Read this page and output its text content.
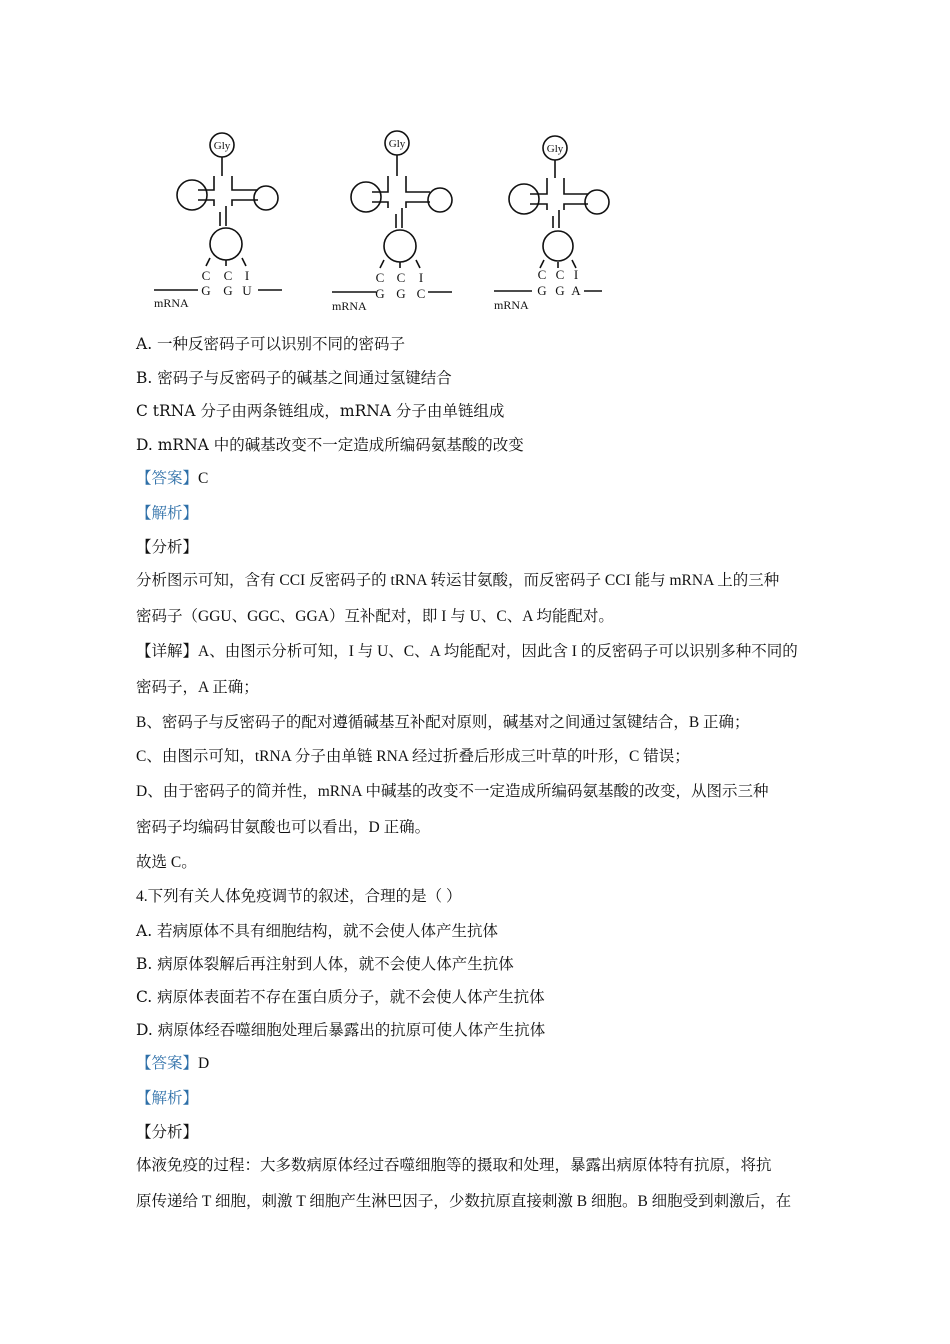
Gly
C C I
G G U
mRNA
Gly
C C I
G G C
mRNA
Gly
C C I
G G A
mRNA
A. 一种反密码子可以识别不同的密码子
B. 密码子与反密码子的碱基之间通过氢键结合
C tRNA 分子由两条链组成，mRNA 分子由单链组成
D. mRNA 中的碱基改变不一定造成所编码氨基酸的改变
【答案】C
【解析】
【分析】
分析图示可知，含有 CCI 反密码子的 tRNA 转运甘氨酸，而反密码子 CCI 能与 mRNA 上的三种
密码子（GGU、GGC、GGA）互补配对，即 I 与 U、C、A 均能配对。
【详解】A、由图示分析可知，I 与 U、C、A 均能配对，因此含 I 的反密码子可以识别多种不同的
密码子，A 正确；
B、密码子与反密码子的配对遵循碱基互补配对原则，碱基对之间通过氢键结合，B 正确；
C、由图示可知，tRNA 分子由单链 RNA 经过折叠后形成三叶草的叶形，C 错误；
D、由于密码子的简并性，mRNA 中碱基的改变不一定造成所编码氨基酸的改变，从图示三种
密码子均编码甘氨酸也可以看出，D 正确。
故选 C。
4.下列有关人体免疫调节的叙述，合理的是（ ）
A. 若病原体不具有细胞结构，就不会使人体产生抗体
B. 病原体裂解后再注射到人体，就不会使人体产生抗体
C. 病原体表面若不存在蛋白质分子，就不会使人体产生抗体
D. 病原体经吞噬细胞处理后暴露出的抗原可使人体产生抗体
【答案】D
【解析】
【分析】
体液免疫的过程：大多数病原体经过吞噬细胞等的摄取和处理，暴露出病原体特有抗原，将抗
原传递给 T 细胞，刺激 T 细胞产生淋巴因子，少数抗原直接刺激 B 细胞。B 细胞受到刺激后，在
